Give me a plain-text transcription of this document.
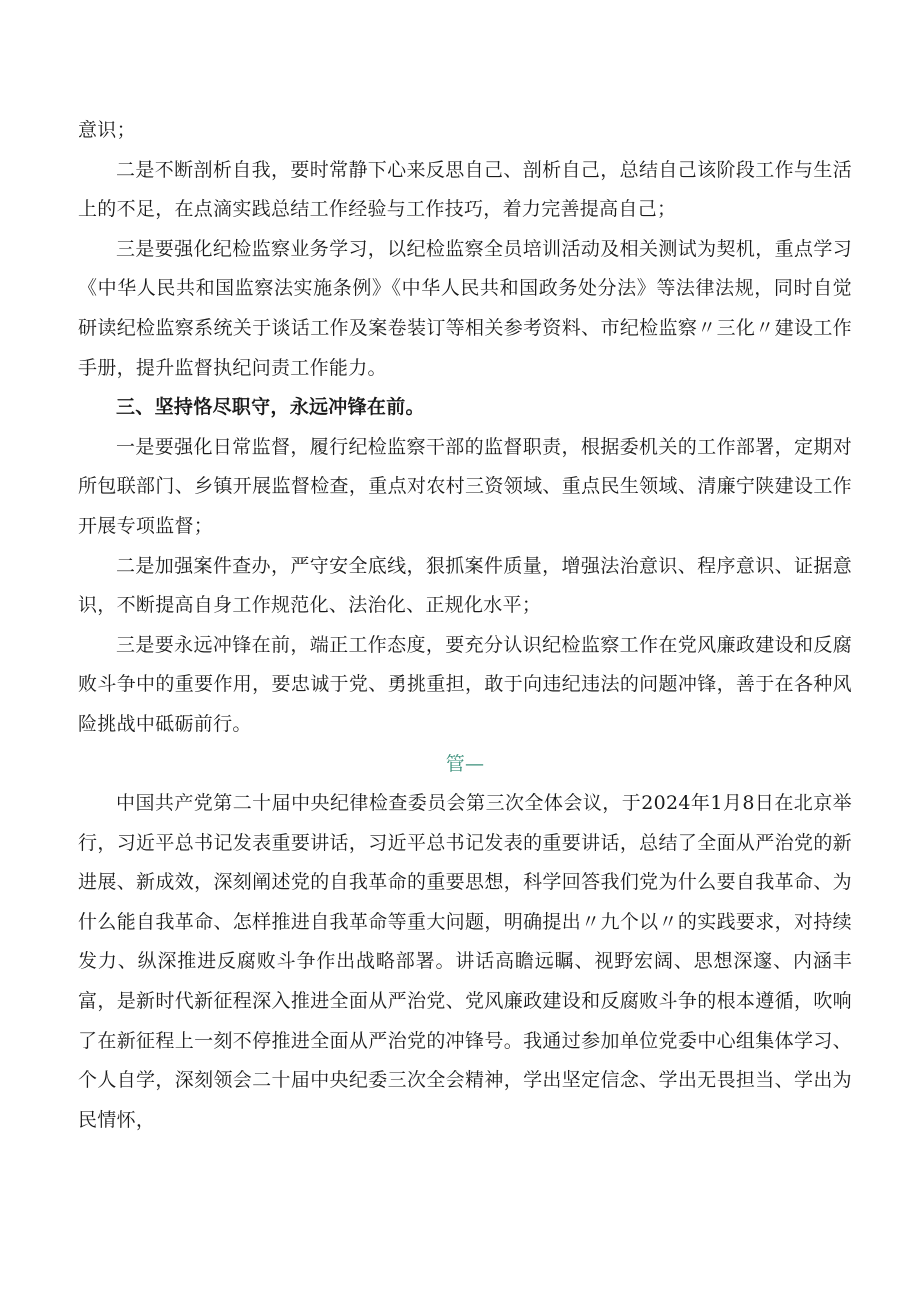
意识；

二是不断剖析自我，要时常静下心来反思自己、剖析自己，总结自己该阶段工作与生活上的不足，在点滴实践总结工作经验与工作技巧，着力完善提高自己；

三是要强化纪检监察业务学习，以纪检监察全员培训活动及相关测试为契机，重点学习《中华人民共和国监察法实施条例》《中华人民共和国政务处分法》等法律法规，同时自觉研读纪检监察系统关于谈话工作及案卷装订等相关参考资料、市纪检监察〃三化〃建设工作手册，提升监督执纪问责工作能力。

三、坚持恪尽职守，永远冲锋在前。

一是要强化日常监督，履行纪检监察干部的监督职责，根据委机关的工作部署，定期对所包联部门、乡镇开展监督检查，重点对农村三资领域、重点民生领域、清廉宁陕建设工作开展专项监督；

二是加强案件查办，严守安全底线，狠抓案件质量，增强法治意识、程序意识、证据意识，不断提高自身工作规范化、法治化、正规化水平；

三是要永远冲锋在前，端正工作态度，要充分认识纪检监察工作在党风廉政建设和反腐败斗争中的重要作用，要忠诚于党、勇挑重担，敢于向违纪违法的问题冲锋，善于在各种风险挑战中砥砺前行。

管—

中国共产党第二十届中央纪律检查委员会第三次全体会议，于2024年1月8日在北京举行，习近平总书记发表重要讲话，习近平总书记发表的重要讲话，总结了全面从严治党的新进展、新成效，深刻阐述党的自我革命的重要思想，科学回答我们党为什么要自我革命、为什么能自我革命、怎样推进自我革命等重大问题，明确提出〃九个以〃的实践要求，对持续发力、纵深推进反腐败斗争作出战略部署。讲话高瞻远瞩、视野宏阔、思想深邃、内涵丰富，是新时代新征程深入推进全面从严治党、党风廉政建设和反腐败斗争的根本遵循，吹响了在新征程上一刻不停推进全面从严治党的冲锋号。我通过参加单位党委中心组集体学习、个人自学，深刻领会二十届中央纪委三次全会精神，学出坚定信念、学出无畏担当、学出为民情怀，
